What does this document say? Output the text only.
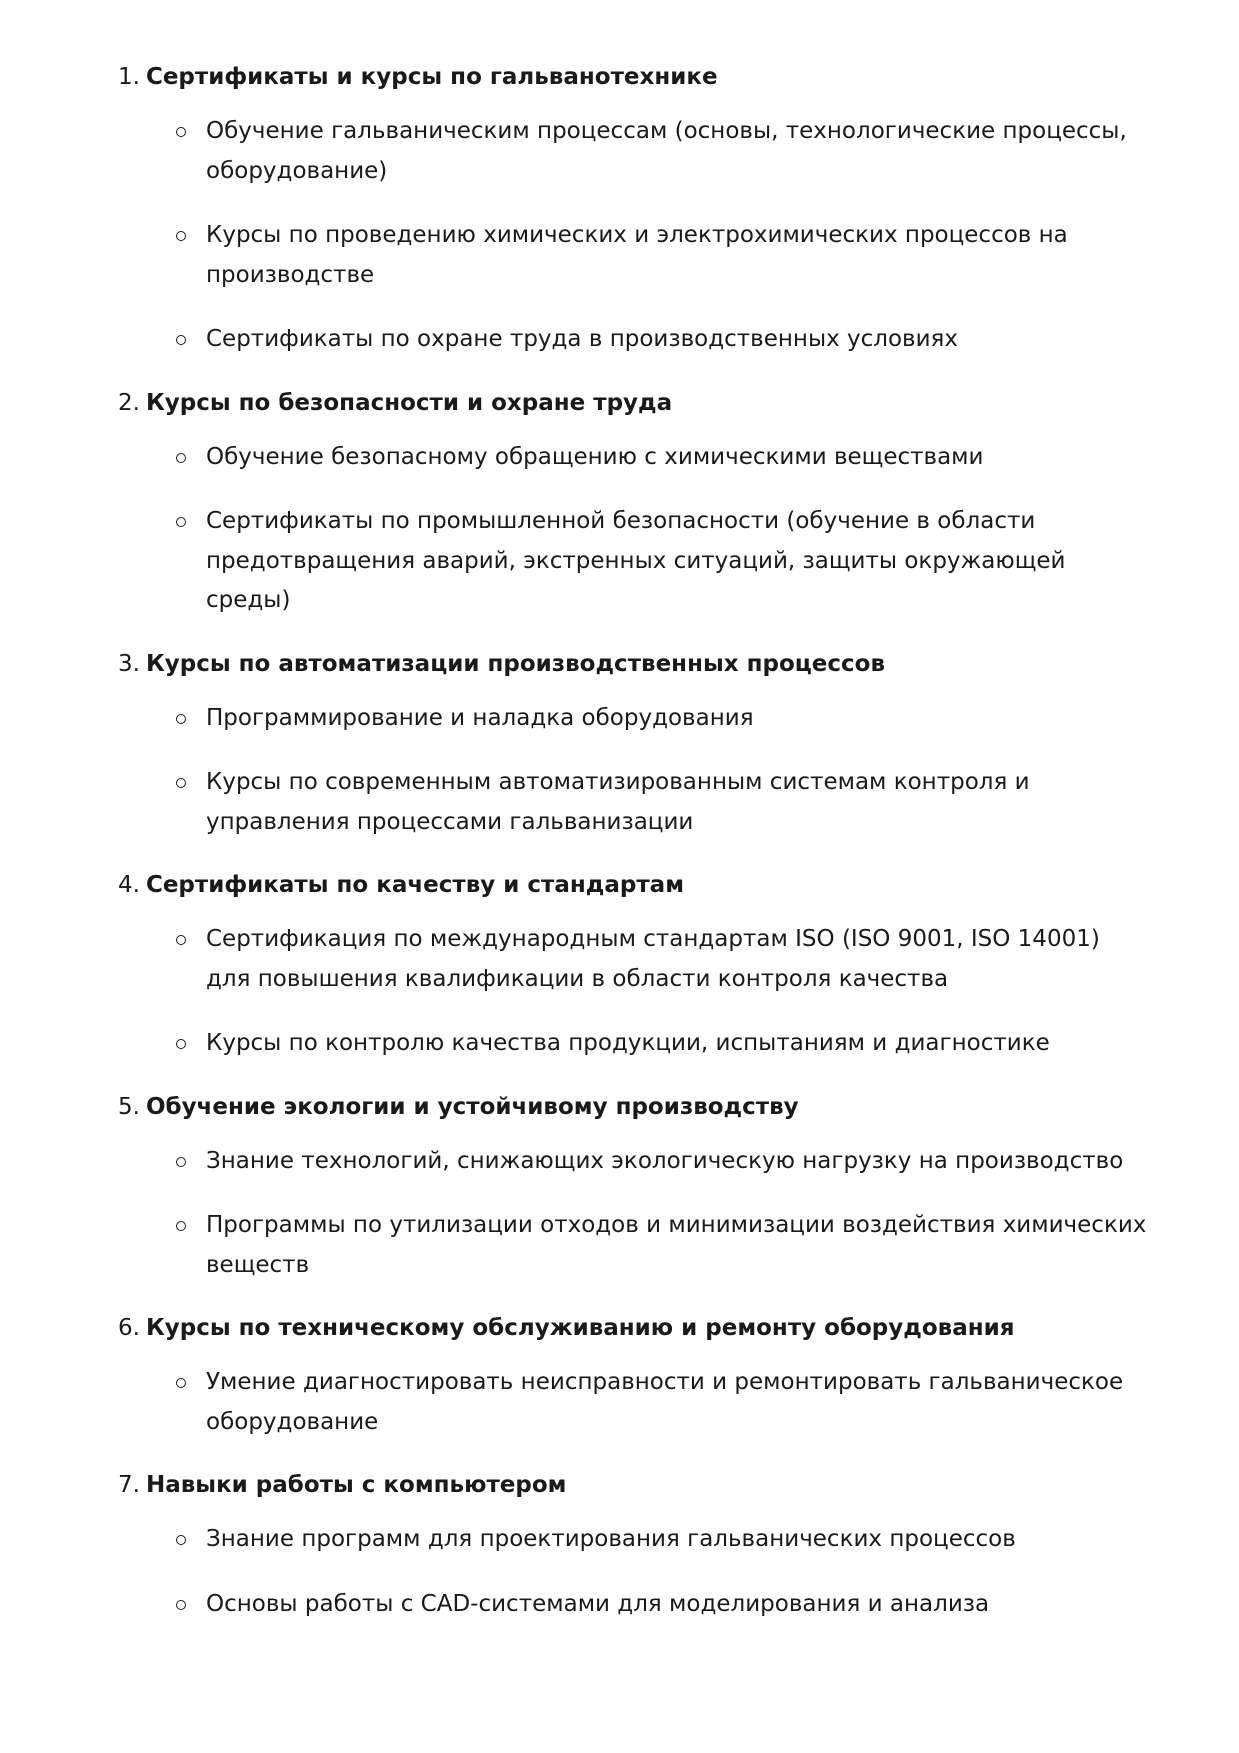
1. Сертификаты и курсы по гальванотехнике
Обучение гальваническим процессам (основы, технологические процессы, оборудование)
Курсы по проведению химических и электрохимических процессов на производстве
Сертификаты по охране труда в производственных условиях
2. Курсы по безопасности и охране труда
Обучение безопасному обращению с химическими веществами
Сертификаты по промышленной безопасности (обучение в области предотвращения аварий, экстренных ситуаций, защиты окружающей среды)
3. Курсы по автоматизации производственных процессов
Программирование и наладка оборудования
Курсы по современным автоматизированным системам контроля и управления процессами гальванизации
4. Сертификаты по качеству и стандартам
Сертификация по международным стандартам ISO (ISO 9001, ISO 14001) для повышения квалификации в области контроля качества
Курсы по контролю качества продукции, испытаниям и диагностике
5. Обучение экологии и устойчивому производству
Знание технологий, снижающих экологическую нагрузку на производство
Программы по утилизации отходов и минимизации воздействия химических веществ
6. Курсы по техническому обслуживанию и ремонту оборудования
Умение диагностировать неисправности и ремонтировать гальваническое оборудование
7. Навыки работы с компьютером
Знание программ для проектирования гальванических процессов
Основы работы с CAD-системами для моделирования и анализа
